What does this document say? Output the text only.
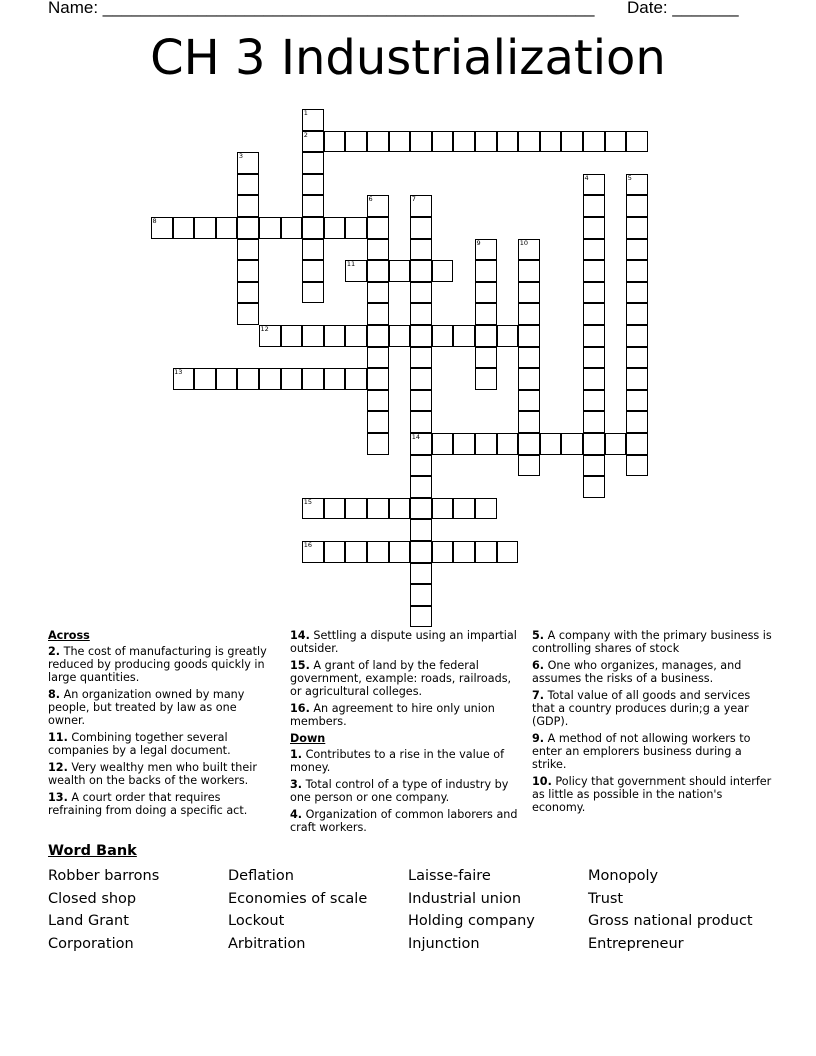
Name: ____________________________________________________ Date: _______
CH 3 Industrialization
2
8
11
12
13
14
15
16
1
3
4	5
6	7
9	10
Across
2. The cost of manufacturing is greatly reduced by producing goods quickly in large quantities.
8. An organization owned by many people, but treated by law as one owner.
11. Combining together several companies by a legal document.
12. Very wealthy men who built their wealth on the backs of the workers.
13. A court order that requires refraining from doing a specific act.
14. Settling a dispute using an impartial outsider.
15. A grant of land by the federal government, example: roads, railroads, or agricultural colleges.
16. An agreement to hire only union members.
Down
1. Contributes to a rise in the value of money.
3. Total control of a type of industry by one person or one company.
4. Organization of common laborers and craft workers.
5. A company with the primary business is controlling shares of stock
6. One who organizes, manages, and assumes the risks of a business.
7. Total value of all goods and services that a country produces durin;g a year (GDP).
9. A method of not allowing workers to enter an emplorers business during a strike.
10. Policy that government should interfer as little as possible in the nation's economy.
Word Bank
Robber barrons	Deflation	Laisse-faire	Monopoly
Closed shop	Economies of scale	Industrial union	Trust
Land Grant	Lockout	Holding company	Gross national product
Corporation	Arbitration	Injunction	Entrepreneur
